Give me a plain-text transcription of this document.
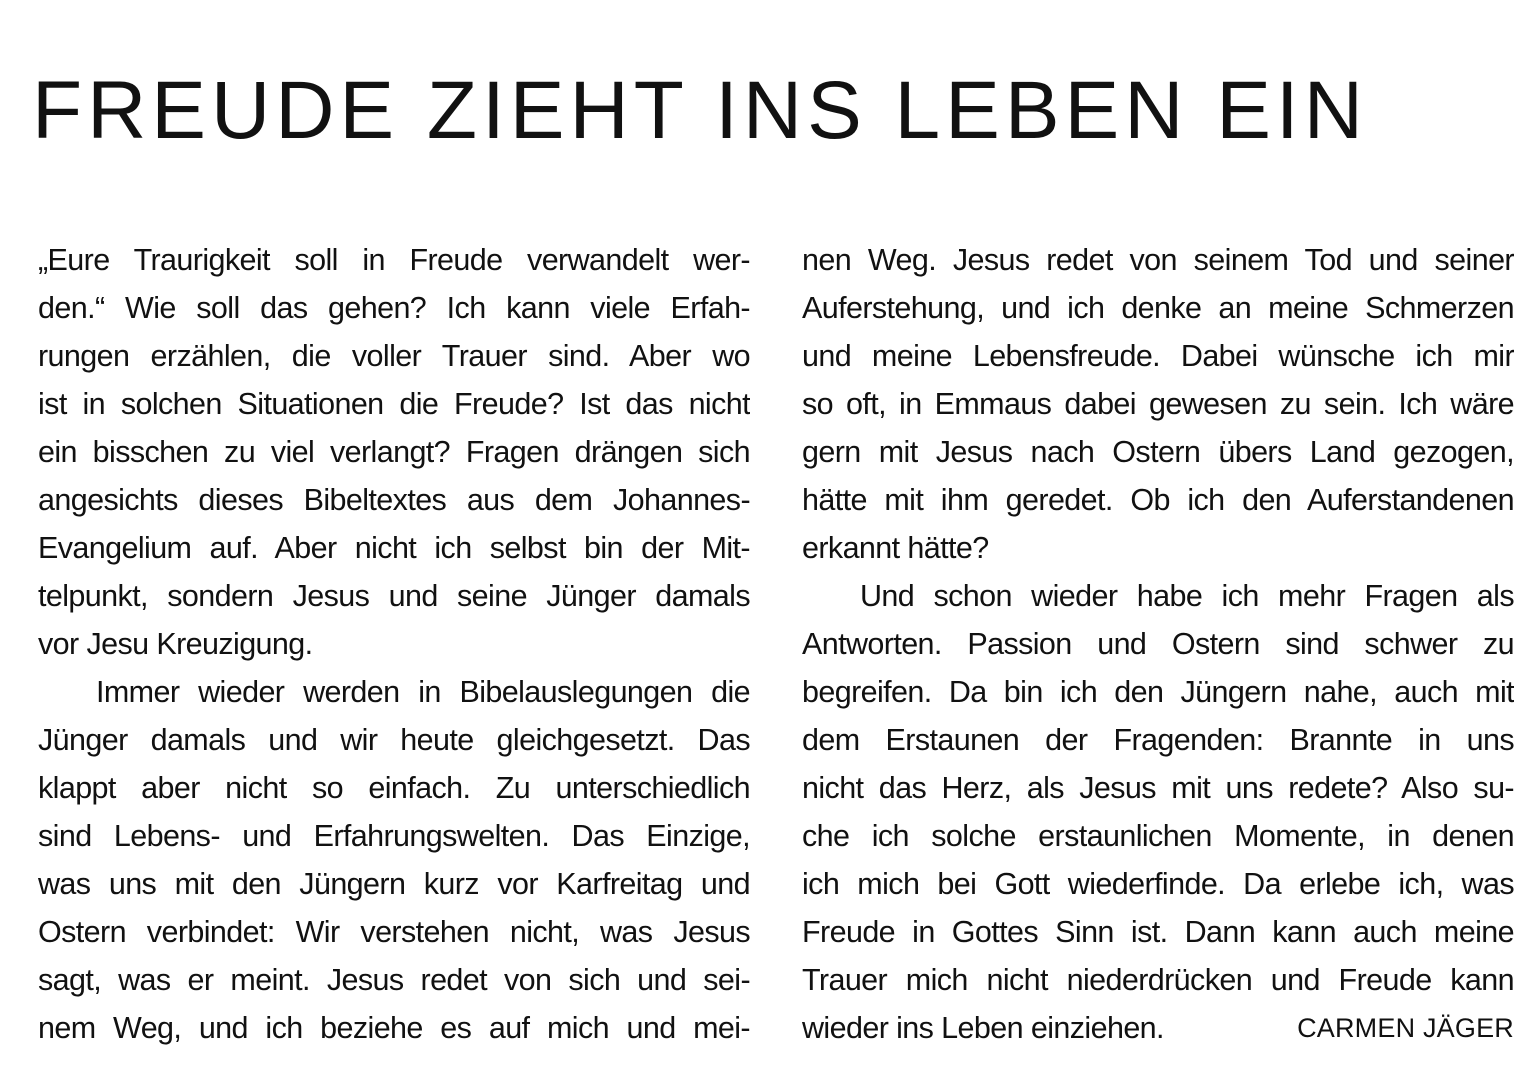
FREUDE ZIEHT INS LEBEN EIN
„Eure Traurigkeit soll in Freude verwandelt wer-
den.“ Wie soll das gehen? Ich kann viele Erfah-
rungen erzählen, die voller Trauer sind. Aber wo
ist in solchen Situationen die Freude? Ist das nicht
ein bisschen zu viel verlangt? Fragen drängen sich
angesichts dieses Bibeltextes aus dem Johannes-
Evangelium auf. Aber nicht ich selbst bin der Mit-
telpunkt, sondern Jesus und seine Jünger damals
vor Jesu Kreuzigung.
Immer wieder werden in Bibelauslegungen die
Jünger damals und wir heute gleichgesetzt. Das
klappt aber nicht so einfach. Zu unterschiedlich
sind Lebens- und Erfahrungswelten. Das Einzige,
was uns mit den Jüngern kurz vor Karfreitag und
Ostern verbindet: Wir verstehen nicht, was Jesus
sagt, was er meint. Jesus redet von sich und sei-
nem Weg, und ich beziehe es auf mich und mei-
nen Weg. Jesus redet von seinem Tod und seiner
Auferstehung, und ich denke an meine Schmerzen
und meine Lebensfreude. Dabei wünsche ich mir
so oft, in Emmaus dabei gewesen zu sein. Ich wäre
gern mit Jesus nach Ostern übers Land gezogen,
hätte mit ihm geredet. Ob ich den Auferstandenen
erkannt hätte?
Und schon wieder habe ich mehr Fragen als
Antworten. Passion und Ostern sind schwer zu
begreifen. Da bin ich den Jüngern nahe, auch mit
dem Erstaunen der Fragenden: Brannte in uns
nicht das Herz, als Jesus mit uns redete? Also su-
che ich solche erstaunlichen Momente, in denen
ich mich bei Gott wiederfinde. Da erlebe ich, was
Freude in Gottes Sinn ist. Dann kann auch meine
Trauer mich nicht niederdrücken und Freude kann
wieder ins Leben einziehen.	CARMEN JÄGER
